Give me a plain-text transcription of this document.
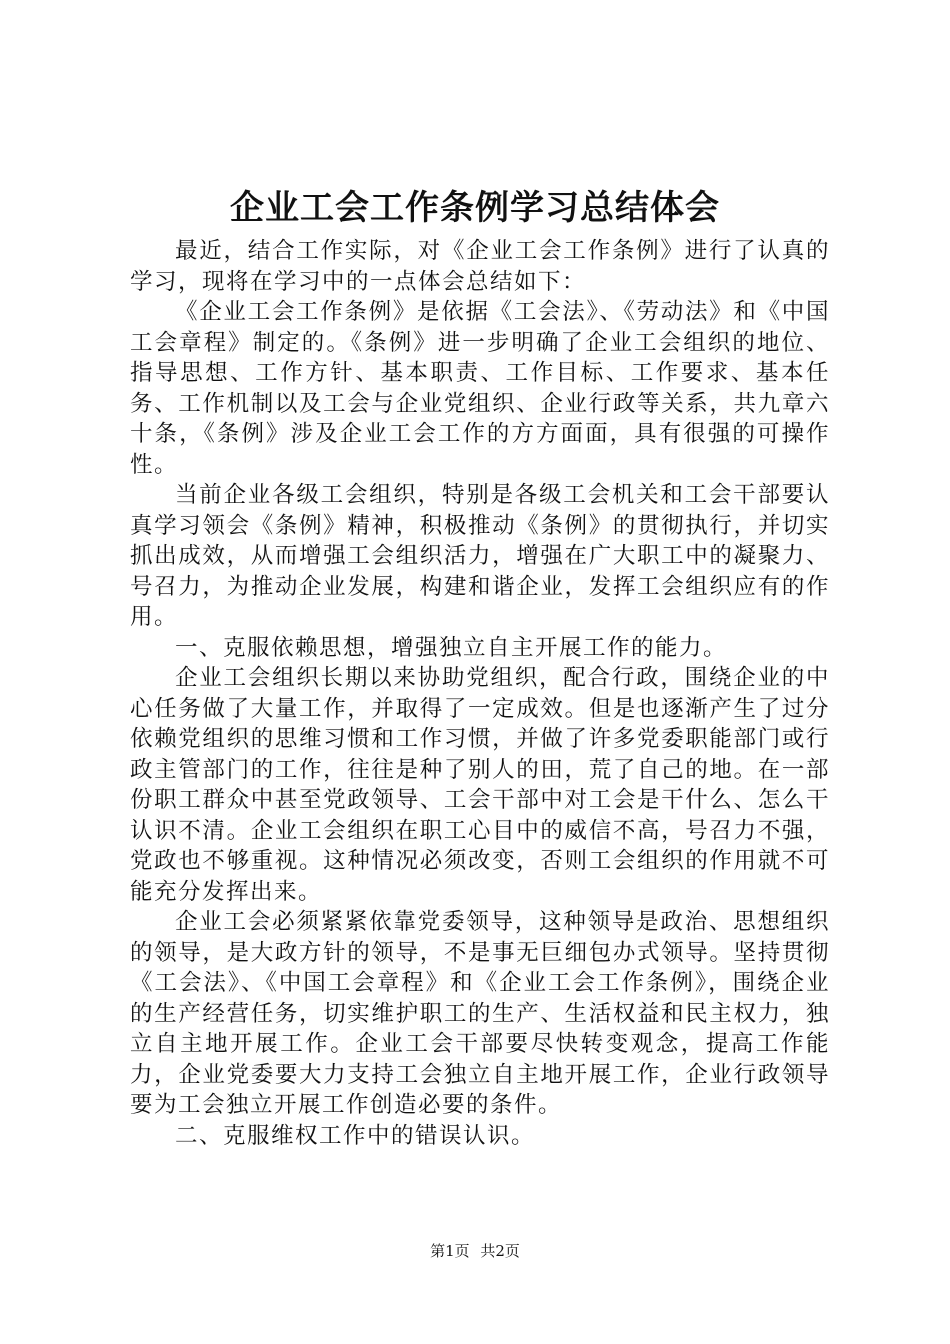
企业工会工作条例学习总结体会

最近，结合工作实际，对《企业工会工作条例》进行了认真的学习，现将在学习中的一点体会总结如下：

《企业工会工作条例》是依据《工会法》、《劳动法》和《中国工会章程》制定的。《条例》进一步明确了企业工会组织的地位、指导思想、工作方针、基本职责、工作目标、工作要求、基本任务、工作机制以及工会与企业党组织、企业行政等关系，共九章六十条，《条例》涉及企业工会工作的方方面面，具有很强的可操作性。

当前企业各级工会组织，特别是各级工会机关和工会干部要认真学习领会《条例》精神，积极推动《条例》的贯彻执行，并切实抓出成效，从而增强工会组织活力，增强在广大职工中的凝聚力、号召力，为推动企业发展，构建和谐企业，发挥工会组织应有的作用。

一、克服依赖思想，增强独立自主开展工作的能力。

企业工会组织长期以来协助党组织，配合行政，围绕企业的中心任务做了大量工作，并取得了一定成效。但是也逐渐产生了过分依赖党组织的思维习惯和工作习惯，并做了许多党委职能部门或行政主管部门的工作，往往是种了别人的田，荒了自己的地。在一部份职工群众中甚至党政领导、工会干部中对工会是干什么、怎么干认识不清。企业工会组织在职工心目中的威信不高，号召力不强，党政也不够重视。这种情况必须改变，否则工会组织的作用就不可能充分发挥出来。

企业工会必须紧紧依靠党委领导，这种领导是政治、思想组织的领导，是大政方针的领导，不是事无巨细包办式领导。坚持贯彻《工会法》、《中国工会章程》和《企业工会工作条例》，围绕企业的生产经营任务，切实维护职工的生产、生活权益和民主权力，独立自主地开展工作。企业工会干部要尽快转变观念，提高工作能力，企业党委要大力支持工会独立自主地开展工作，企业行政领导要为工会独立开展工作创造必要的条件。

二、克服维权工作中的错误认识。

第1页 共2页
